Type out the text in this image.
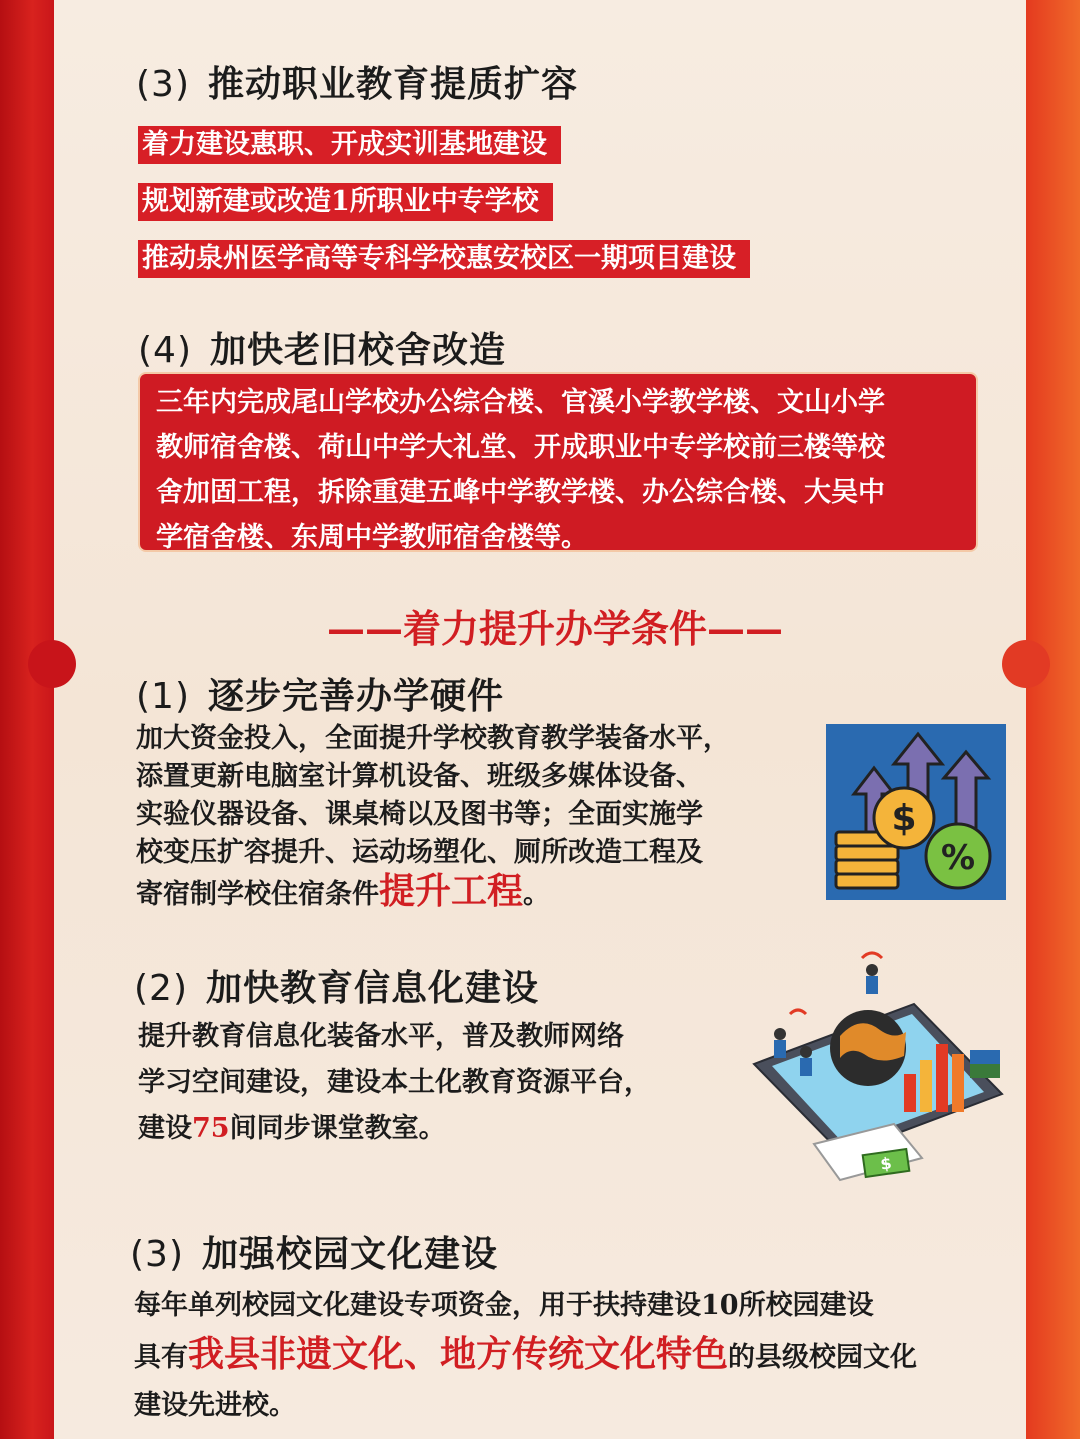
(3) 推动职业教育提质扩容
着力建设惠职、开成实训基地建设
规划新建或改造1所职业中专学校
推动泉州医学高等专科学校惠安校区一期项目建设
(4) 加快老旧校舍改造
三年内完成尾山学校办公综合楼、官溪小学教学楼、文山小学
教师宿舍楼、荷山中学大礼堂、开成职业中专学校前三楼等校
舍加固工程，拆除重建五峰中学教学楼、办公综合楼、大吴中
学宿舍楼、东周中学教师宿舍楼等。
——着力提升办学条件——
(1) 逐步完善办学硬件
加大资金投入，全面提升学校教育教学装备水平，
添置更新电脑室计算机设备、班级多媒体设备、
实验仪器设备、课桌椅以及图书等；全面实施学
校变压扩容提升、运动场塑化、厕所改造工程及
寄宿制学校住宿条件提升工程。
$
%
(2) 加快教育信息化建设
提升教育信息化装备水平，普及教师网络
学习空间建设，建设本土化教育资源平台，
建设75间同步课堂教室。
$
(3) 加强校园文化建设
每年单列校园文化建设专项资金，用于扶持建设10所校园建设
具有我县非遗文化、地方传统文化特色的县级校园文化
建设先进校。
